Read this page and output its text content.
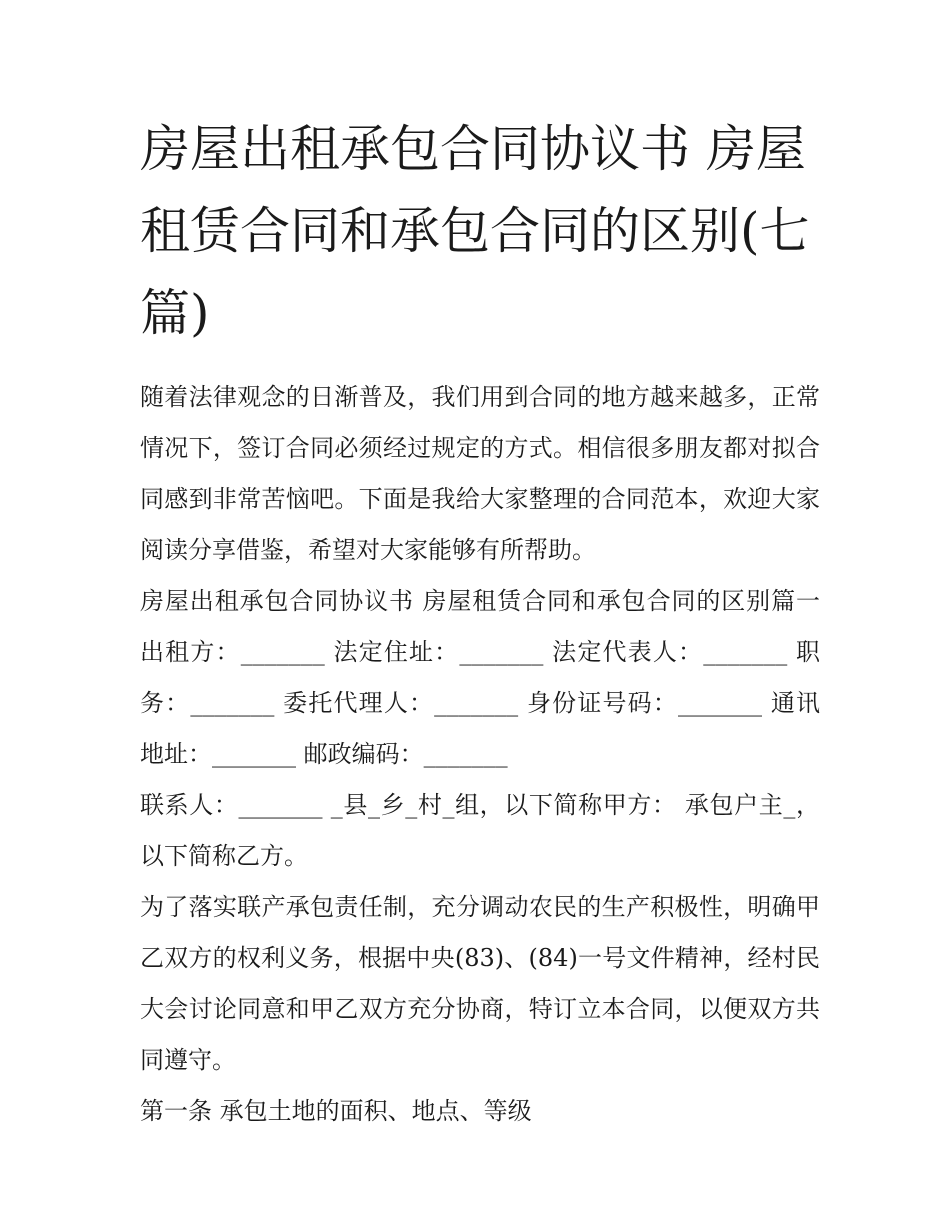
房屋出租承包合同协议书 房屋租赁合同和承包合同的区别(七篇)

随着法律观念的日渐普及，我们用到合同的地方越来越多，正常情况下，签订合同必须经过规定的方式。相信很多朋友都对拟合同感到非常苦恼吧。下面是我给大家整理的合同范本，欢迎大家阅读分享借鉴，希望对大家能够有所帮助。

房屋出租承包合同协议书 房屋租赁合同和承包合同的区别篇一 出租方：_______ 法定住址：_______ 法定代表人：_______ 职务：_______ 委托代理人：_______ 身份证号码：_______ 通讯地址：_______ 邮政编码：_______

联系人：_______ _县_乡_村_组，以下简称甲方： 承包户主_，以下简称乙方。

为了落实联产承包责任制，充分调动农民的生产积极性，明确甲乙双方的权利义务，根据中央(83)、(84)一号文件精神，经村民大会讨论同意和甲乙双方充分协商，特订立本合同，以便双方共同遵守。

第一条 承包土地的面积、地点、等级
